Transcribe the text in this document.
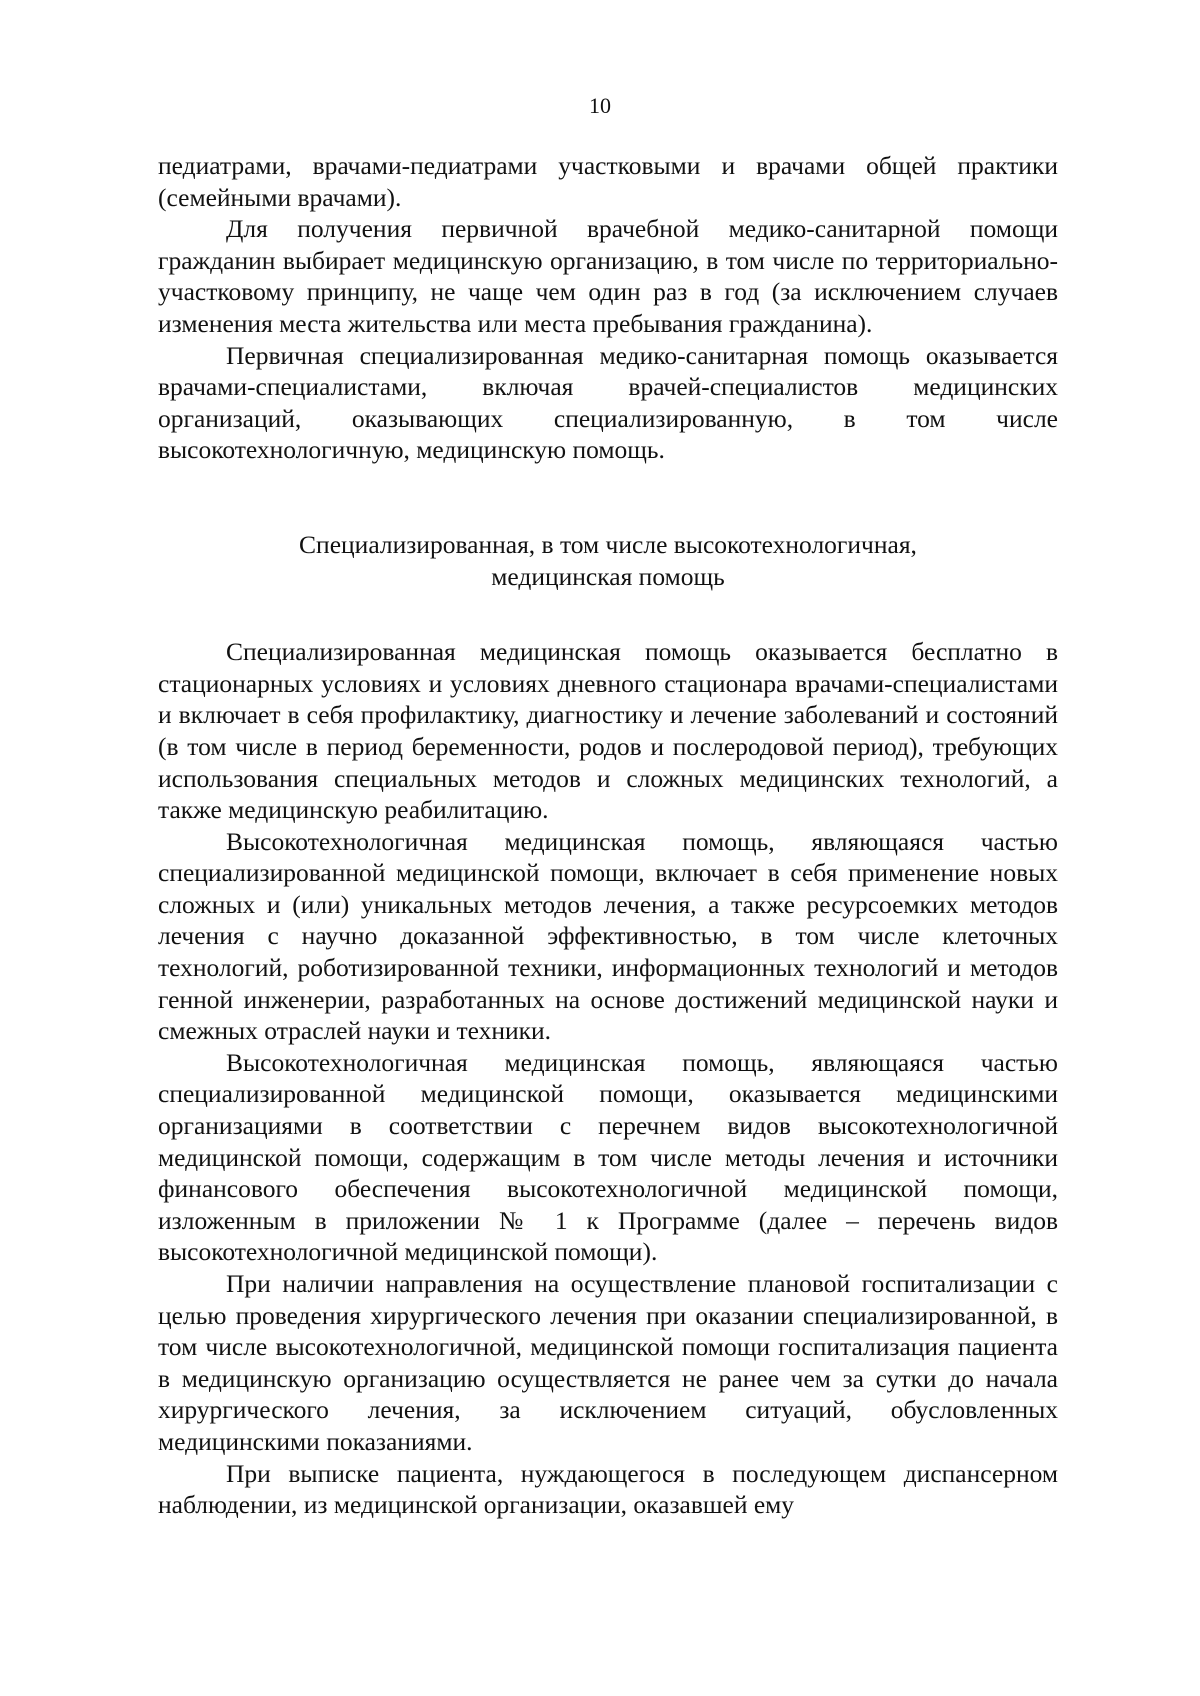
10

педиатрами, врачами-педиатрами участковыми и врачами общей практики (семейными врачами).

Для получения первичной врачебной медико-санитарной помощи гражданин выбирает медицинскую организацию, в том числе по территориально-участковому принципу, не чаще чем один раз в год (за исключением случаев изменения места жительства или места пребывания гражданина).

Первичная специализированная медико-санитарная помощь оказывается врачами-специалистами, включая врачей-специалистов медицинских организаций, оказывающих специализированную, в том числе высокотехнологичную, медицинскую помощь.

Специализированная, в том числе высокотехнологичная,
медицинская помощь

Специализированная медицинская помощь оказывается бесплатно в стационарных условиях и условиях дневного стационара врачами-специалистами и включает в себя профилактику, диагностику и лечение заболеваний и состояний (в том числе в период беременности, родов и послеродовой период), требующих использования специальных методов и сложных медицинских технологий, а также медицинскую реабилитацию.

Высокотехнологичная медицинская помощь, являющаяся частью специализированной медицинской помощи, включает в себя применение новых сложных и (или) уникальных методов лечения, а также ресурсоемких методов лечения с научно доказанной эффективностью, в том числе клеточных технологий, роботизированной техники, информационных технологий и методов генной инженерии, разработанных на основе достижений медицинской науки и смежных отраслей науки и техники.

Высокотехнологичная медицинская помощь, являющаяся частью специализированной медицинской помощи, оказывается медицинскими организациями в соответствии с перечнем видов высокотехнологичной медицинской помощи, содержащим в том числе методы лечения и источники финансового обеспечения высокотехнологичной медицинской помощи, изложенным в приложении № 1 к Программе (далее – перечень видов высокотехнологичной медицинской помощи).

При наличии направления на осуществление плановой госпитализации с целью проведения хирургического лечения при оказании специализированной, в том числе высокотехнологичной, медицинской помощи госпитализация пациента в медицинскую организацию осуществляется не ранее чем за сутки до начала хирургического лечения, за исключением ситуаций, обусловленных медицинскими показаниями.

При выписке пациента, нуждающегося в последующем диспансерном наблюдении, из медицинской организации, оказавшей ему
